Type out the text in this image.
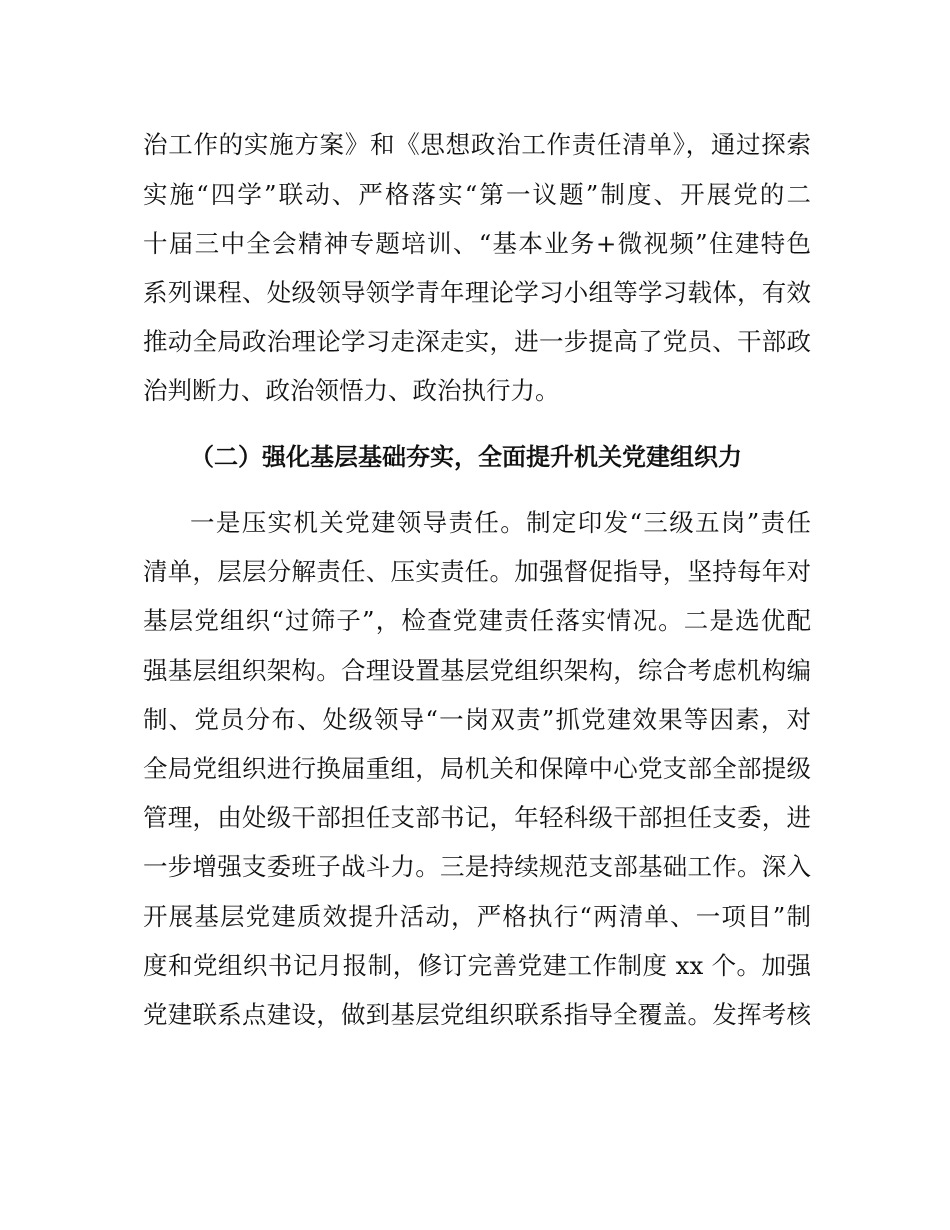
治工作的实施方案》和《思想政治工作责任清单》，通过探索
实施“四学”联动、严格落实“第一议题”制度、开展党的二
十届三中全会精神专题培训、“基本业务+微视频”住建特色
系列课程、处级领导领学青年理论学习小组等学习载体，有效
推动全局政治理论学习走深走实，进一步提高了党员、干部政
治判断力、政治领悟力、政治执行力。
（二）强化基层基础夯实，全面提升机关党建组织力
一是压实机关党建领导责任。制定印发“三级五岗”责任
清单，层层分解责任、压实责任。加强督促指导，坚持每年对
基层党组织“过筛子”，检查党建责任落实情况。二是选优配
强基层组织架构。合理设置基层党组织架构，综合考虑机构编
制、党员分布、处级领导“一岗双责”抓党建效果等因素，对
全局党组织进行换届重组，局机关和保障中心党支部全部提级
管理，由处级干部担任支部书记，年轻科级干部担任支委，进
一步增强支委班子战斗力。三是持续规范支部基础工作。深入
开展基层党建质效提升活动，严格执行“两清单、一项目”制
度和党组织书记月报制，修订完善党建工作制度 xx 个。加强
党建联系点建设，做到基层党组织联系指导全覆盖。发挥考核
